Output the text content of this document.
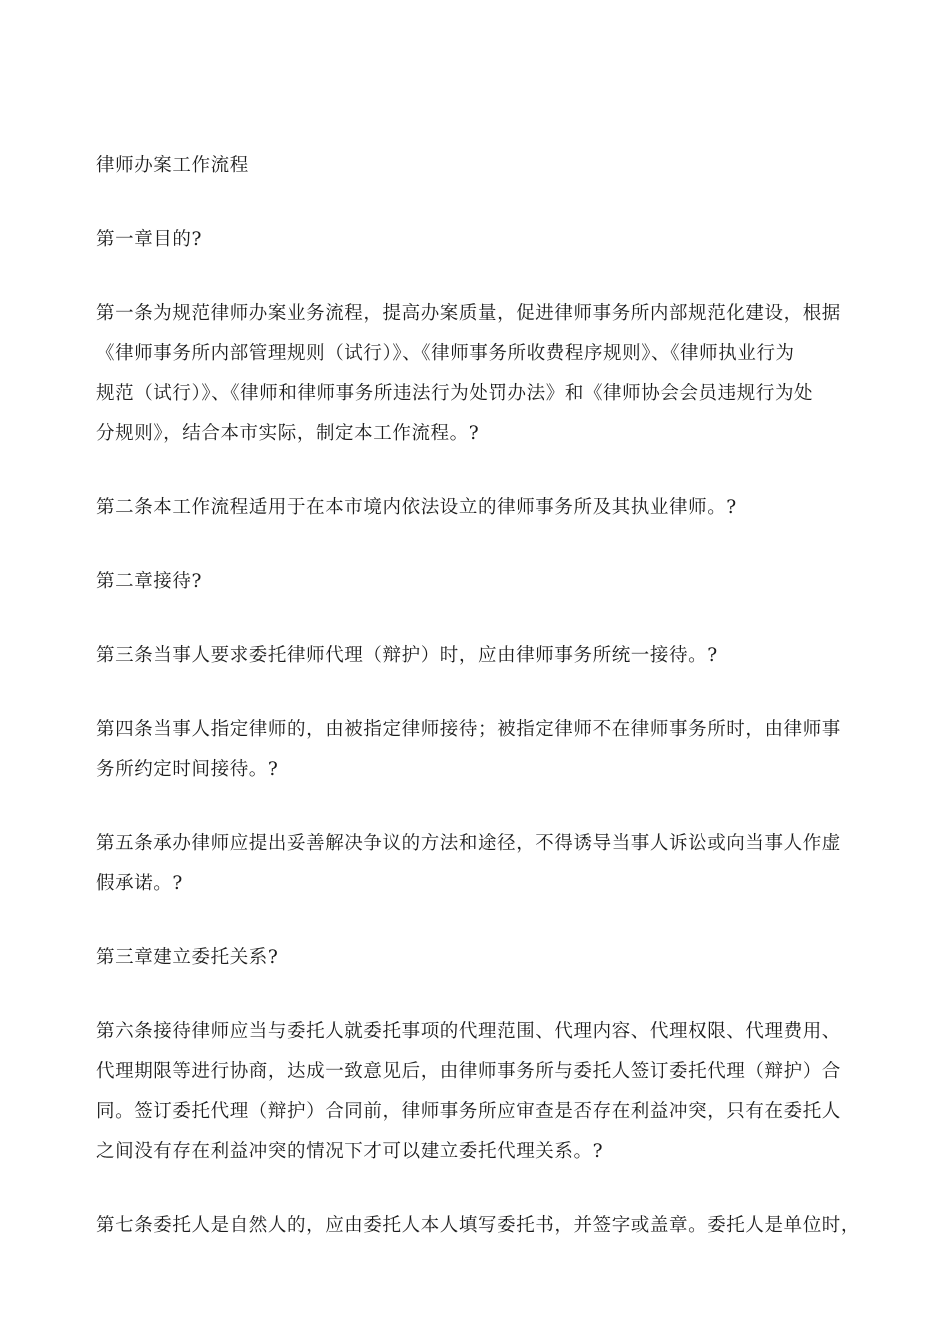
律师办案工作流程

第一章目的?

第一条为规范律师办案业务流程，提高办案质量，促进律师事务所内部规范化建设，根据

《律师事务所内部管理规则（试行）》、《律师事务所收费程序规则》、《律师执业行为

规范（试行）》、《律师和律师事务所违法行为处罚办法》和《律师协会会员违规行为处

分规则》，结合本市实际，制定本工作流程。?

第二条本工作流程适用于在本市境内依法设立的律师事务所及其执业律师。?

第二章接待?

第三条当事人要求委托律师代理（辩护）时，应由律师事务所统一接待。?

第四条当事人指定律师的，由被指定律师接待；被指定律师不在律师事务所时，由律师事

务所约定时间接待。?

第五条承办律师应提出妥善解决争议的方法和途径，不得诱导当事人诉讼或向当事人作虚

假承诺。?

第三章建立委托关系?

第六条接待律师应当与委托人就委托事项的代理范围、代理内容、代理权限、代理费用、

代理期限等进行协商，达成一致意见后，由律师事务所与委托人签订委托代理（辩护）合

同。签订委托代理（辩护）合同前，律师事务所应审查是否存在利益冲突，只有在委托人

之间没有存在利益冲突的情况下才可以建立委托代理关系。?

第七条委托人是自然人的，应由委托人本人填写委托书，并签字或盖章。委托人是单位时，
